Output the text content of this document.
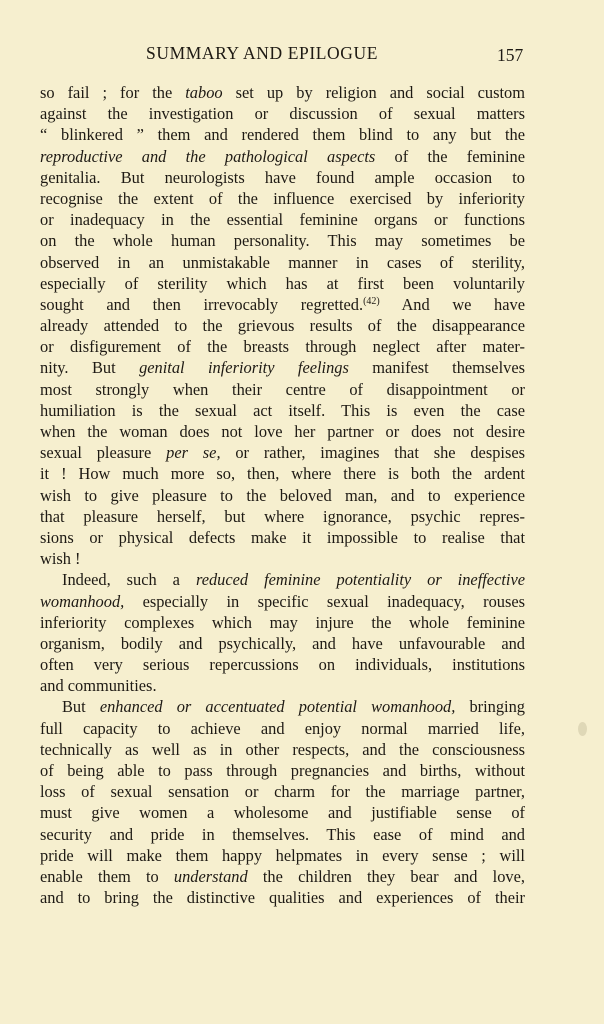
SUMMARY AND EPILOGUE	157
so fail ; for the taboo set up by religion and social custom
against the investigation or discussion of sexual matters
“ blinkered ” them and rendered them blind to any but the
reproductive and the pathological aspects of the feminine
genitalia. But neurologists have found ample occasion to
recognise the extent of the influence exercised by inferiority
or inadequacy in the essential feminine organs or functions
on the whole human personality. This may sometimes be
observed in an unmistakable manner in cases of sterility,
especially of sterility which has at first been voluntarily
sought and then irrevocably regretted.$^{(42)}$ And we have
already attended to the grievous results of the disappearance
or disfigurement of the breasts through neglect after mater-
nity. But genital inferiority feelings manifest themselves
most strongly when their centre of disappointment or
humiliation is the sexual act itself. This is even the case
when the woman does not love her partner or does not desire
sexual pleasure per se, or rather, imagines that she despises
it ! How much more so, then, where there is both the ardent
wish to give pleasure to the beloved man, and to experience
that pleasure herself, but where ignorance, psychic repres-
sions or physical defects make it impossible to realise that
wish !
Indeed, such a reduced feminine potentiality or ineffective
womanhood, especially in specific sexual inadequacy, rouses
inferiority complexes which may injure the whole feminine
organism, bodily and psychically, and have unfavourable and
often very serious repercussions on individuals, institutions
and communities.
But enhanced or accentuated potential womanhood, bringing
full capacity to achieve and enjoy normal married life,
technically as well as in other respects, and the consciousness
of being able to pass through pregnancies and births, without
loss of sexual sensation or charm for the marriage partner,
must give women a wholesome and justifiable sense of
security and pride in themselves. This ease of mind and
pride will make them happy helpmates in every sense ; will
enable them to understand the children they bear and love,
and to bring the distinctive qualities and experiences of their
